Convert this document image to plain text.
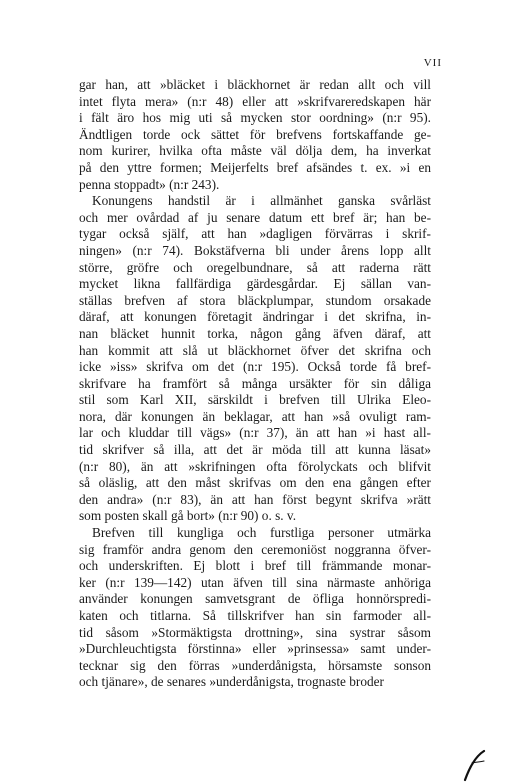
VII
gar han, att »bläcket i bläckhornet är redan allt och vill
intet flyta mera» (n:r 48) eller att »skrifvareredskapen här
i fält äro hos mig uti så mycken stor oordning» (n:r 95).
Ändtligen torde ock sättet för brefvens fortskaffande ge-
nom kurirer, hvilka ofta måste väl dölja dem, ha inverkat
på den yttre formen; Meijerfelts bref afsändes t. ex. »i en
penna stoppadt» (n:r 243).
Konungens handstil är i allmänhet ganska svårläst
och mer ovårdad af ju senare datum ett bref är; han be-
tygar också själf, att han »dagligen förvärras i skrif-
ningen» (n:r 74). Bokstäfverna bli under årens lopp allt
större, gröfre och oregelbundnare, så att raderna rätt
mycket likna fallfärdiga gärdesgårdar. Ej sällan van-
ställas brefven af stora bläckplumpar, stundom orsakade
däraf, att konungen företagit ändringar i det skrifna, in-
nan bläcket hunnit torka, någon gång äfven däraf, att
han kommit att slå ut bläckhornet öfver det skrifna och
icke »iss» skrifva om det (n:r 195). Också torde få bref-
skrifvare ha framfört så många ursäkter för sin dåliga
stil som Karl XII, särskildt i brefven till Ulrika Eleo-
nora, där konungen än beklagar, att han »så ovuligt ram-
lar och kluddar till vägs» (n:r 37), än att han »i hast all-
tid skrifver så illa, att det är möda till att kunna läsat»
(n:r 80), än att »skrifningen ofta förolyckats och blifvit
så oläslig, att den måst skrifvas om den ena gången efter
den andra» (n:r 83), än att han först begynt skrifva »rätt
som posten skall gå bort» (n:r 90) o. s. v.
Brefven till kungliga och furstliga personer utmärka
sig framför andra genom den ceremoniöst noggranna öfver-
och underskriften. Ej blott i bref till främmande monar-
ker (n:r 139—142) utan äfven till sina närmaste anhöriga
använder konungen samvetsgrant de öfliga honnörspredi-
katen och titlarna. Så tillskrifver han sin farmoder all-
tid såsom »Stormäktigsta drottning», sina systrar såsom
»Durchleuchtigsta förstinna» eller »prinsessa» samt under-
tecknar sig den förras »underdånigsta, hörsamste sonson
och tjänare», de senares »underdånigsta, trognaste broder
